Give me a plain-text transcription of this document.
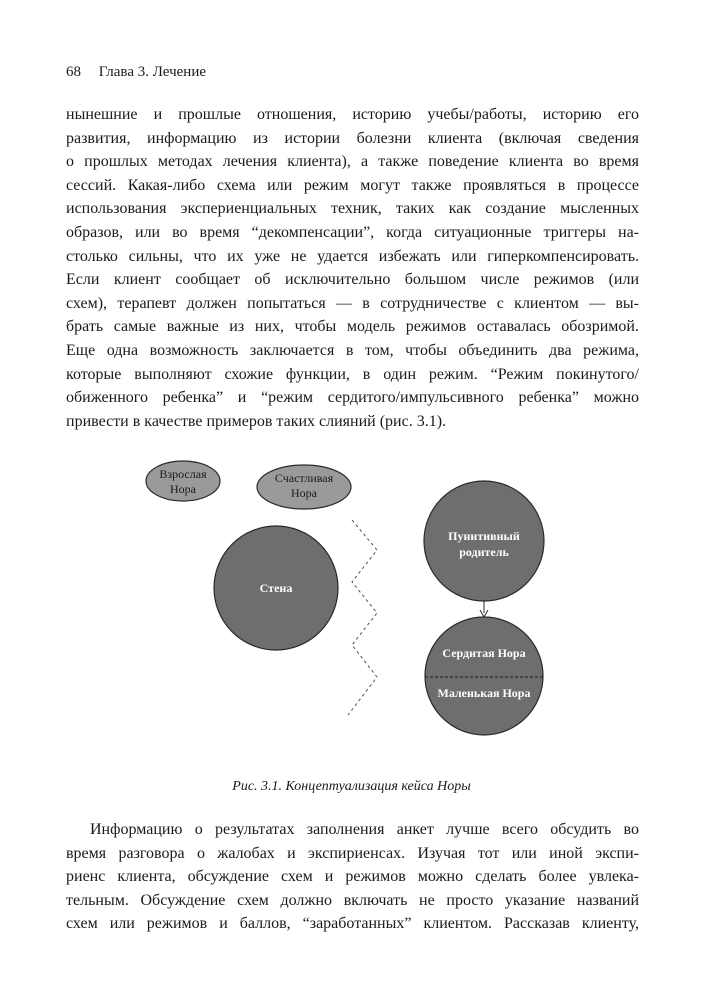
68 Глава 3. Лечение
нынешние и прошлые отношения, историю учебы/работы, историю его
развития, информацию из истории болезни клиента (включая сведения
о прошлых методах лечения клиента), а также поведение клиента во время
сессий. Какая-либо схема или режим могут также проявляться в процессе
использования экспериенциальных техник, таких как создание мысленных
образов, или во время “декомпенсации”, когда ситуационные триггеры на-
столько сильны, что их уже не удается избежать или гиперкомпенсировать.
Если клиент сообщает об исключительно большом числе режимов (или
схем), терапевт должен попытаться — в сотрудничестве с клиентом — вы-
брать самые важные из них, чтобы модель режимов оставалась обозримой.
Еще одна возможность заключается в том, чтобы объединить два режима,
которые выполняют схожие функции, в один режим. “Режим покинутого/
обиженного ребенка” и “режим сердитого/импульсивного ребенка” можно
привести в качестве примеров таких слияний (рис. 3.1).
Взрослая
Нора
Счастливая
Нора
Стена
Пунитивный
родитель
Сердитая Нора
Маленькая Нора
Рис. 3.1. Концептуализация кейса Норы
Информацию о результатах заполнения анкет лучше всего обсудить во
время разговора о жалобах и экспириенсах. Изучая тот или иной экспи-
риенс клиента, обсуждение схем и режимов можно сделать более увлека-
тельным. Обсуждение схем должно включать не просто указание названий
схем или режимов и баллов, “заработанных” клиентом. Рассказав клиенту,
